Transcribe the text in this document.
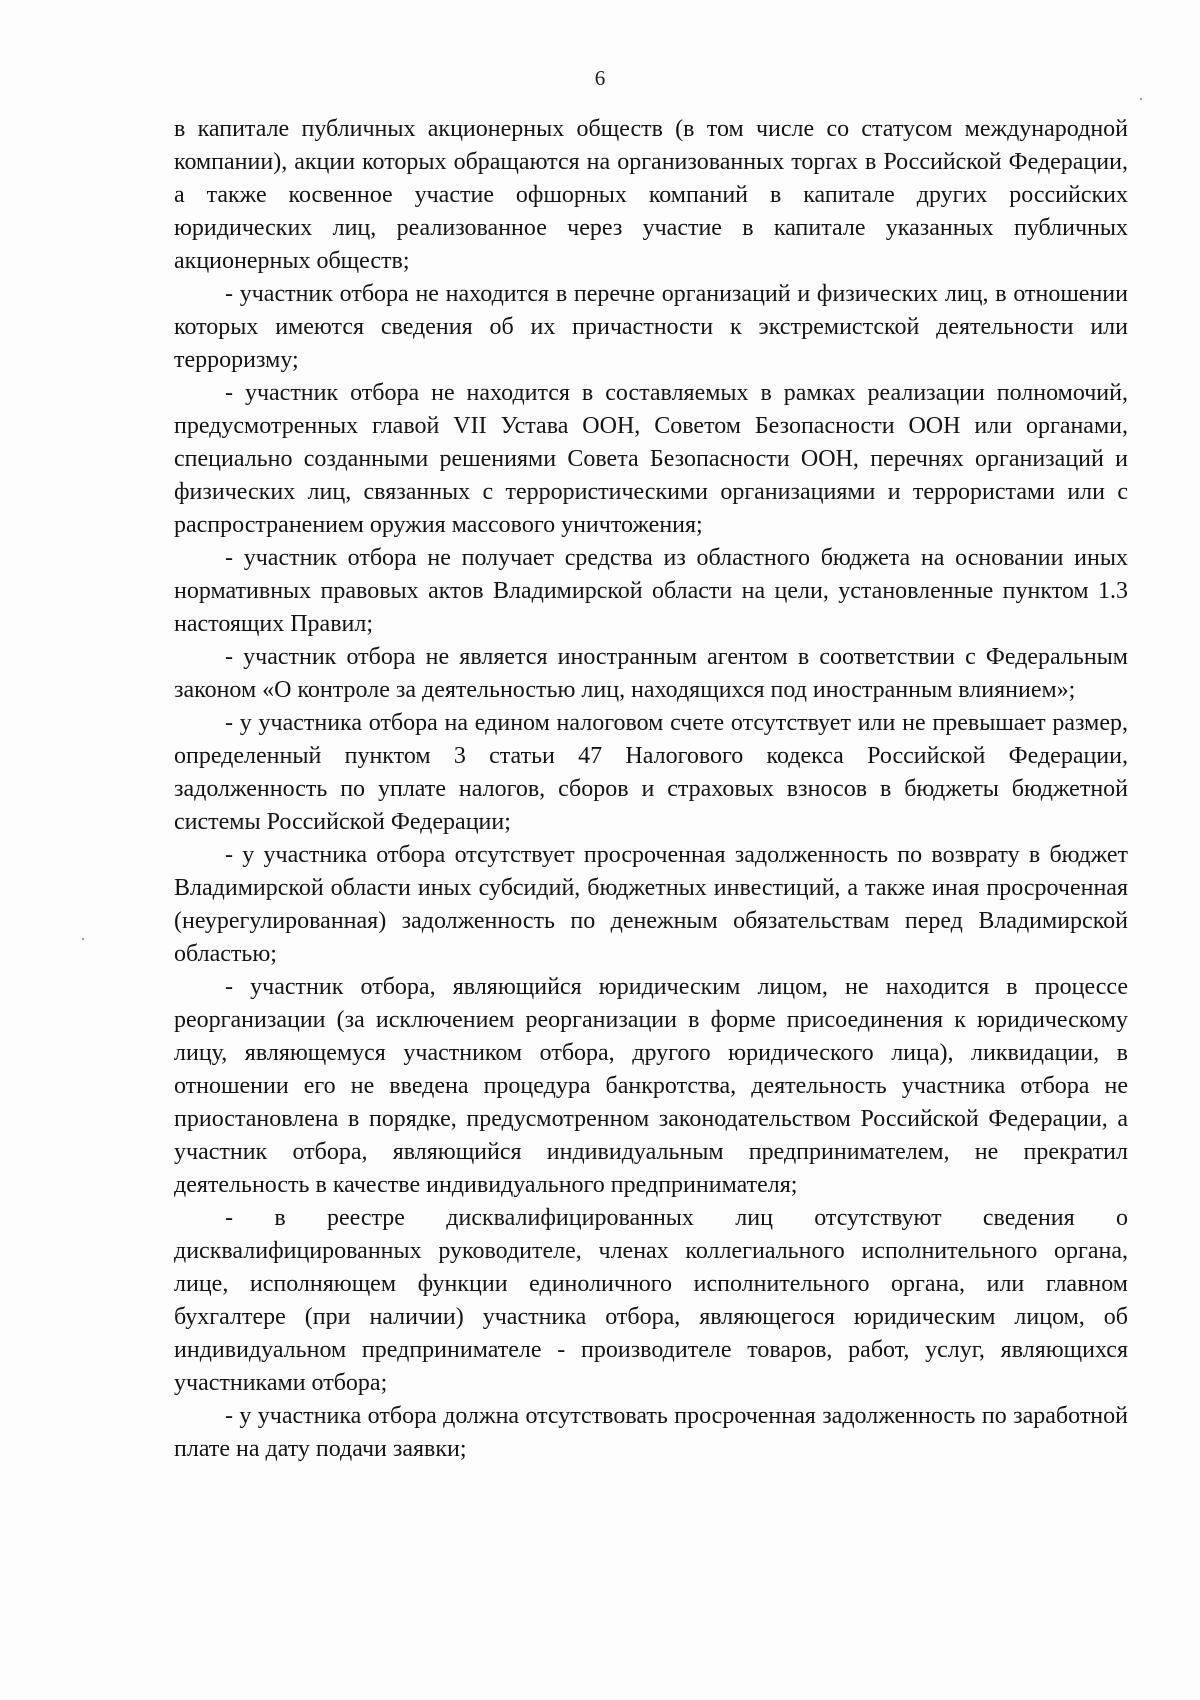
6

в капитале публичных акционерных обществ (в том числе со статусом международной компании), акции которых обращаются на организованных торгах в Российской Федерации, а также косвенное участие офшорных компаний в капитале других российских юридических лиц, реализованное через участие в капитале указанных публичных акционерных обществ;

- участник отбора не находится в перечне организаций и физических лиц, в отношении которых имеются сведения об их причастности к экстремистской деятельности или терроризму;

- участник отбора не находится в составляемых в рамках реализации полномочий, предусмотренных главой VII Устава ООН, Советом Безопасности ООН или органами, специально созданными решениями Совета Безопасности ООН, перечнях организаций и физических лиц, связанных с террористическими организациями и террористами или с распространением оружия массового уничтожения;

- участник отбора не получает средства из областного бюджета на основании иных нормативных правовых актов Владимирской области на цели, установленные пунктом 1.3 настоящих Правил;

- участник отбора не является иностранным агентом в соответствии с Федеральным законом «О контроле за деятельностью лиц, находящихся под иностранным влиянием»;

- у участника отбора на едином налоговом счете отсутствует или не превышает размер, определенный пунктом 3 статьи 47 Налогового кодекса Российской Федерации, задолженность по уплате налогов, сборов и страховых взносов в бюджеты бюджетной системы Российской Федерации;

- у участника отбора отсутствует просроченная задолженность по возврату в бюджет Владимирской области иных субсидий, бюджетных инвестиций, а также иная просроченная (неурегулированная) задолженность по денежным обязательствам перед Владимирской областью;

- участник отбора, являющийся юридическим лицом, не находится в процессе реорганизации (за исключением реорганизации в форме присоединения к юридическому лицу, являющемуся участником отбора, другого юридического лица), ликвидации, в отношении его не введена процедура банкротства, деятельность участника отбора не приостановлена в порядке, предусмотренном законодательством Российской Федерации, а участник отбора, являющийся индивидуальным предпринимателем, не прекратил деятельность в качестве индивидуального предпринимателя;

- в реестре дисквалифицированных лиц отсутствуют сведения о дисквалифицированных руководителе, членах коллегиального исполнительного органа, лице, исполняющем функции единоличного исполнительного органа, или главном бухгалтере (при наличии) участника отбора, являющегося юридическим лицом, об индивидуальном предпринимателе - производителе товаров, работ, услуг, являющихся участниками отбора;

- у участника отбора должна отсутствовать просроченная задолженность по заработной плате на дату подачи заявки;
